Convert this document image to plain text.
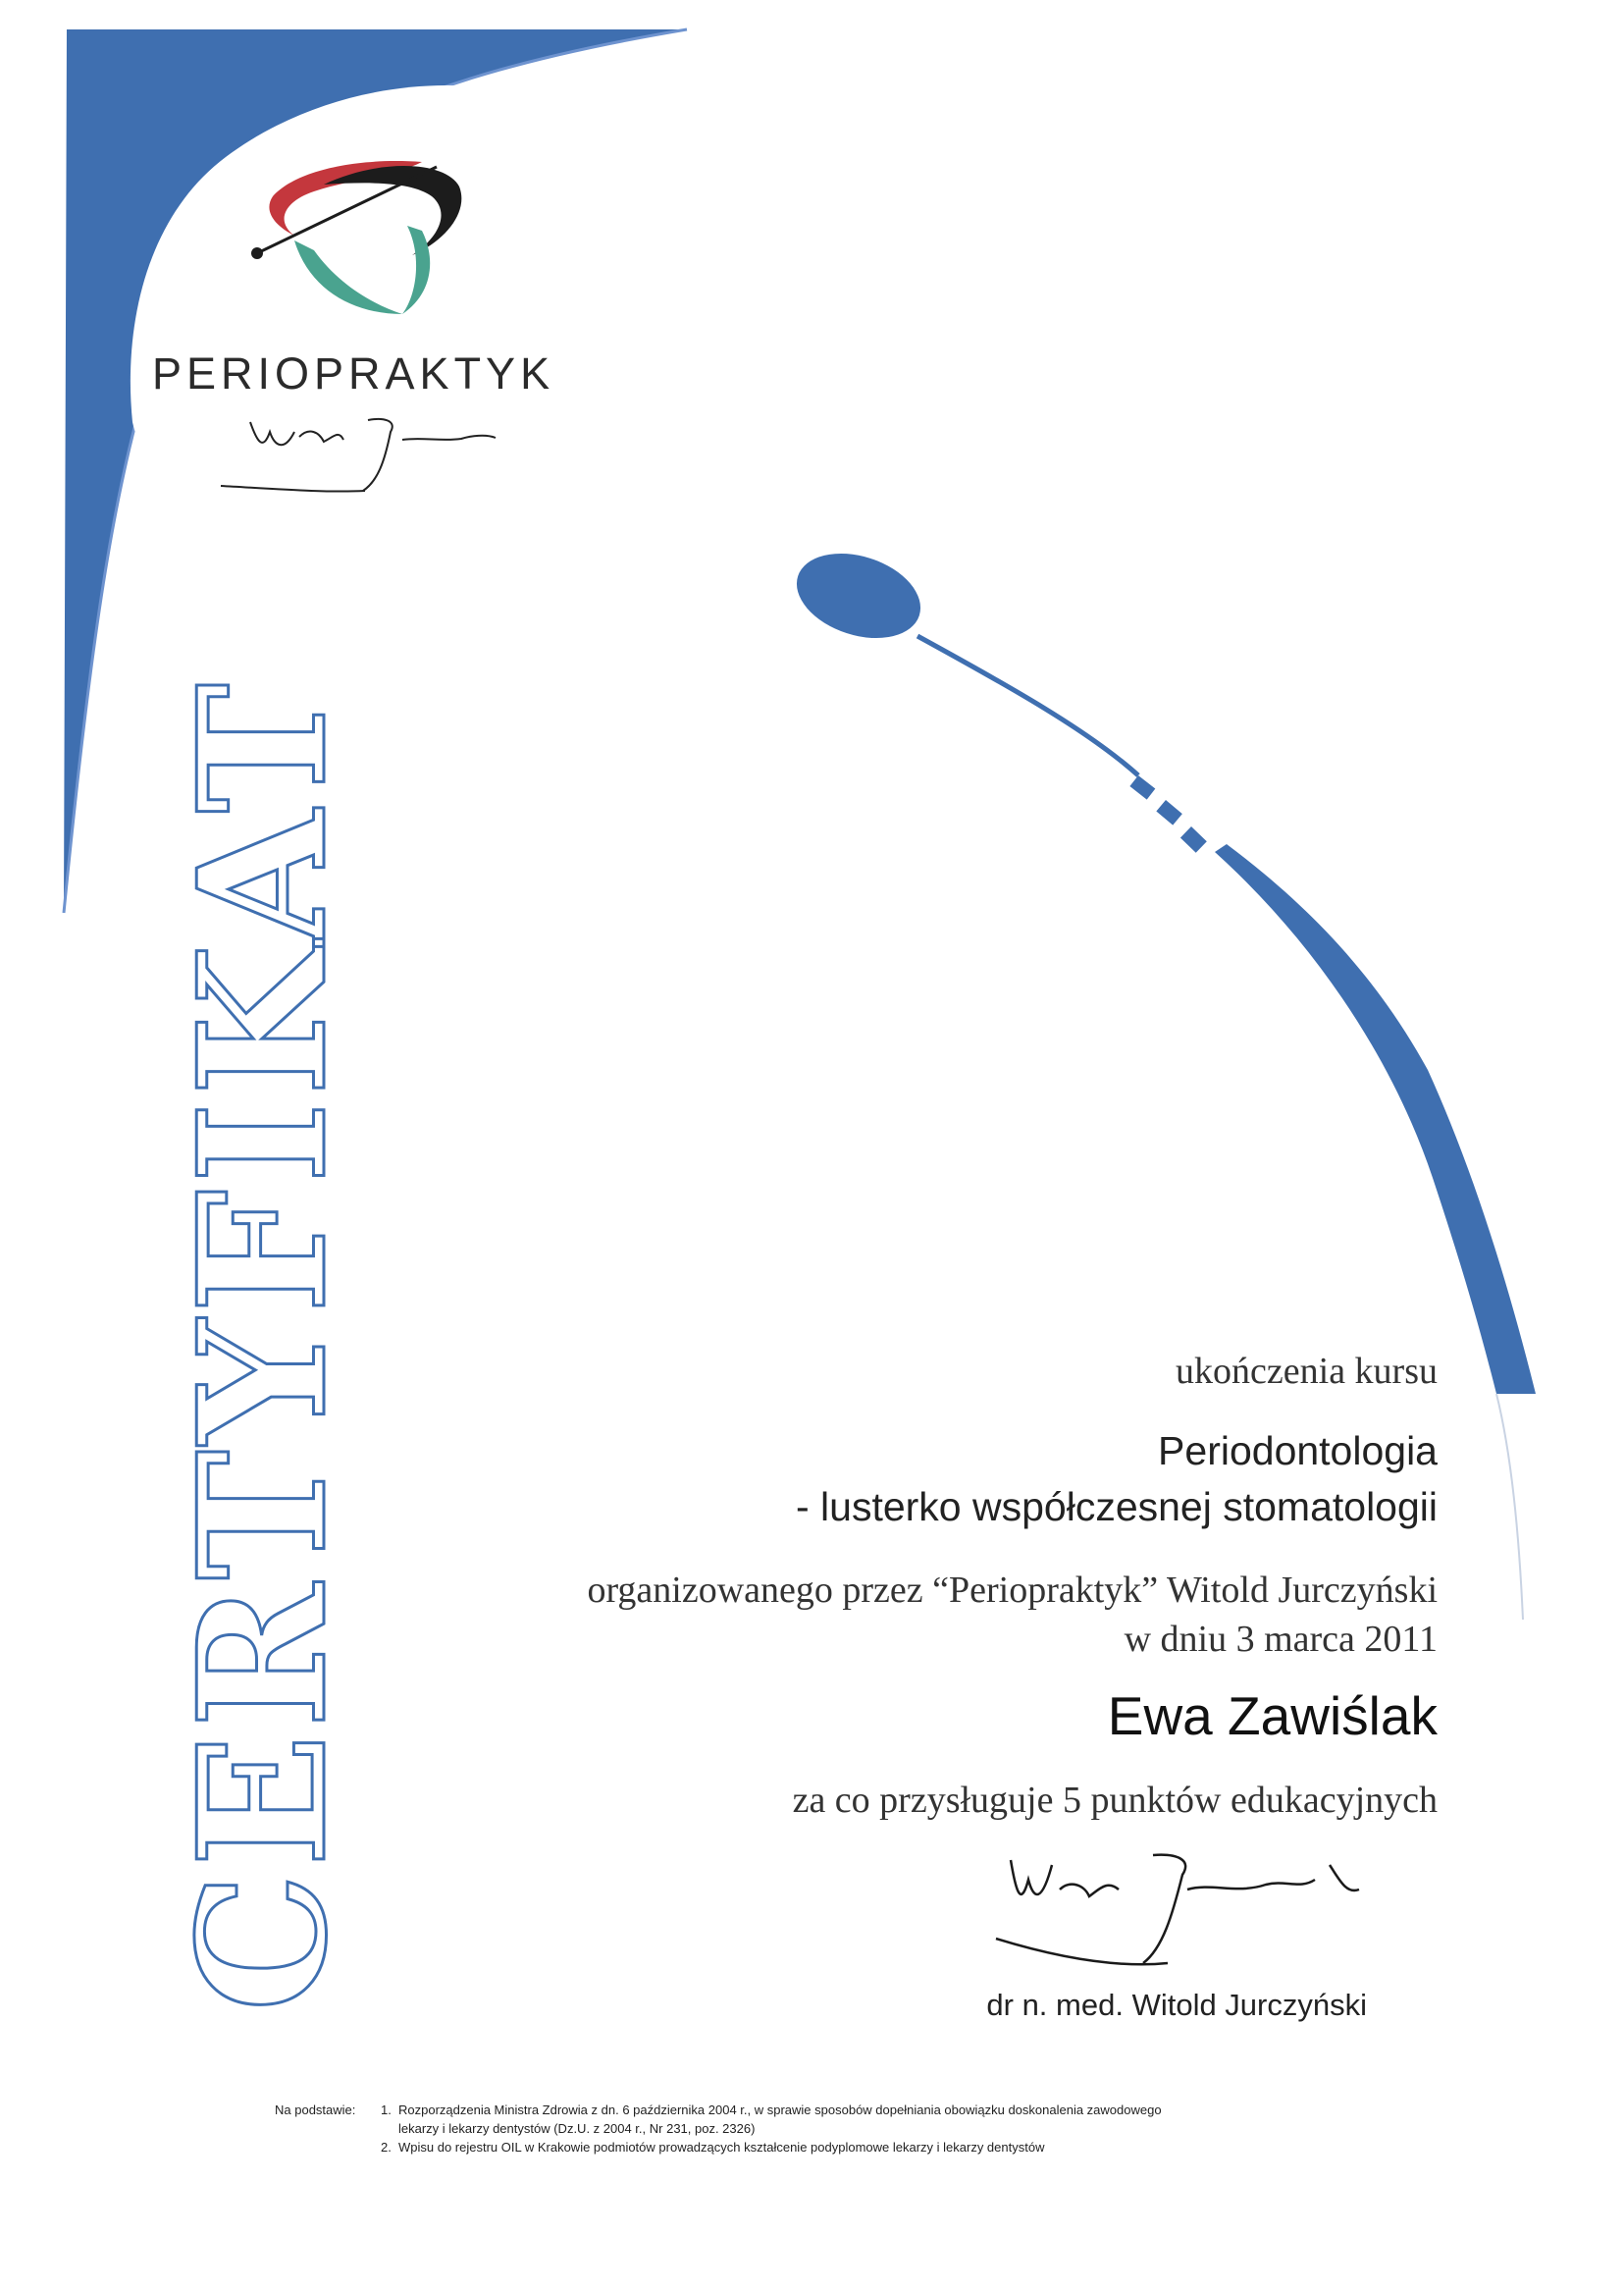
PERIOPRAKTYK
CERTYFIKAT	ukończenia kursu
Periodontologia
- lusterko współczesnej stomatologii
organizowanego przez “Periopraktyk” Witold Jurczyński
w dniu 3 marca 2011
Ewa Zawiślak
za co przysługuje 5 punktów edukacyjnych
dr n. med. Witold Jurczyński
Na podstawie:	1. Rozporządzenia Ministra Zdrowia z dn. 6 października 2004 r., w sprawie sposobów dopełniania obowiązku doskonalenia zawodowego
lekarzy i lekarzy dentystów (Dz.U. z 2004 r., Nr 231, poz. 2326)
2. Wpisu do rejestru OIL w Krakowie podmiotów prowadzących kształcenie podyplomowe lekarzy i lekarzy dentystów
